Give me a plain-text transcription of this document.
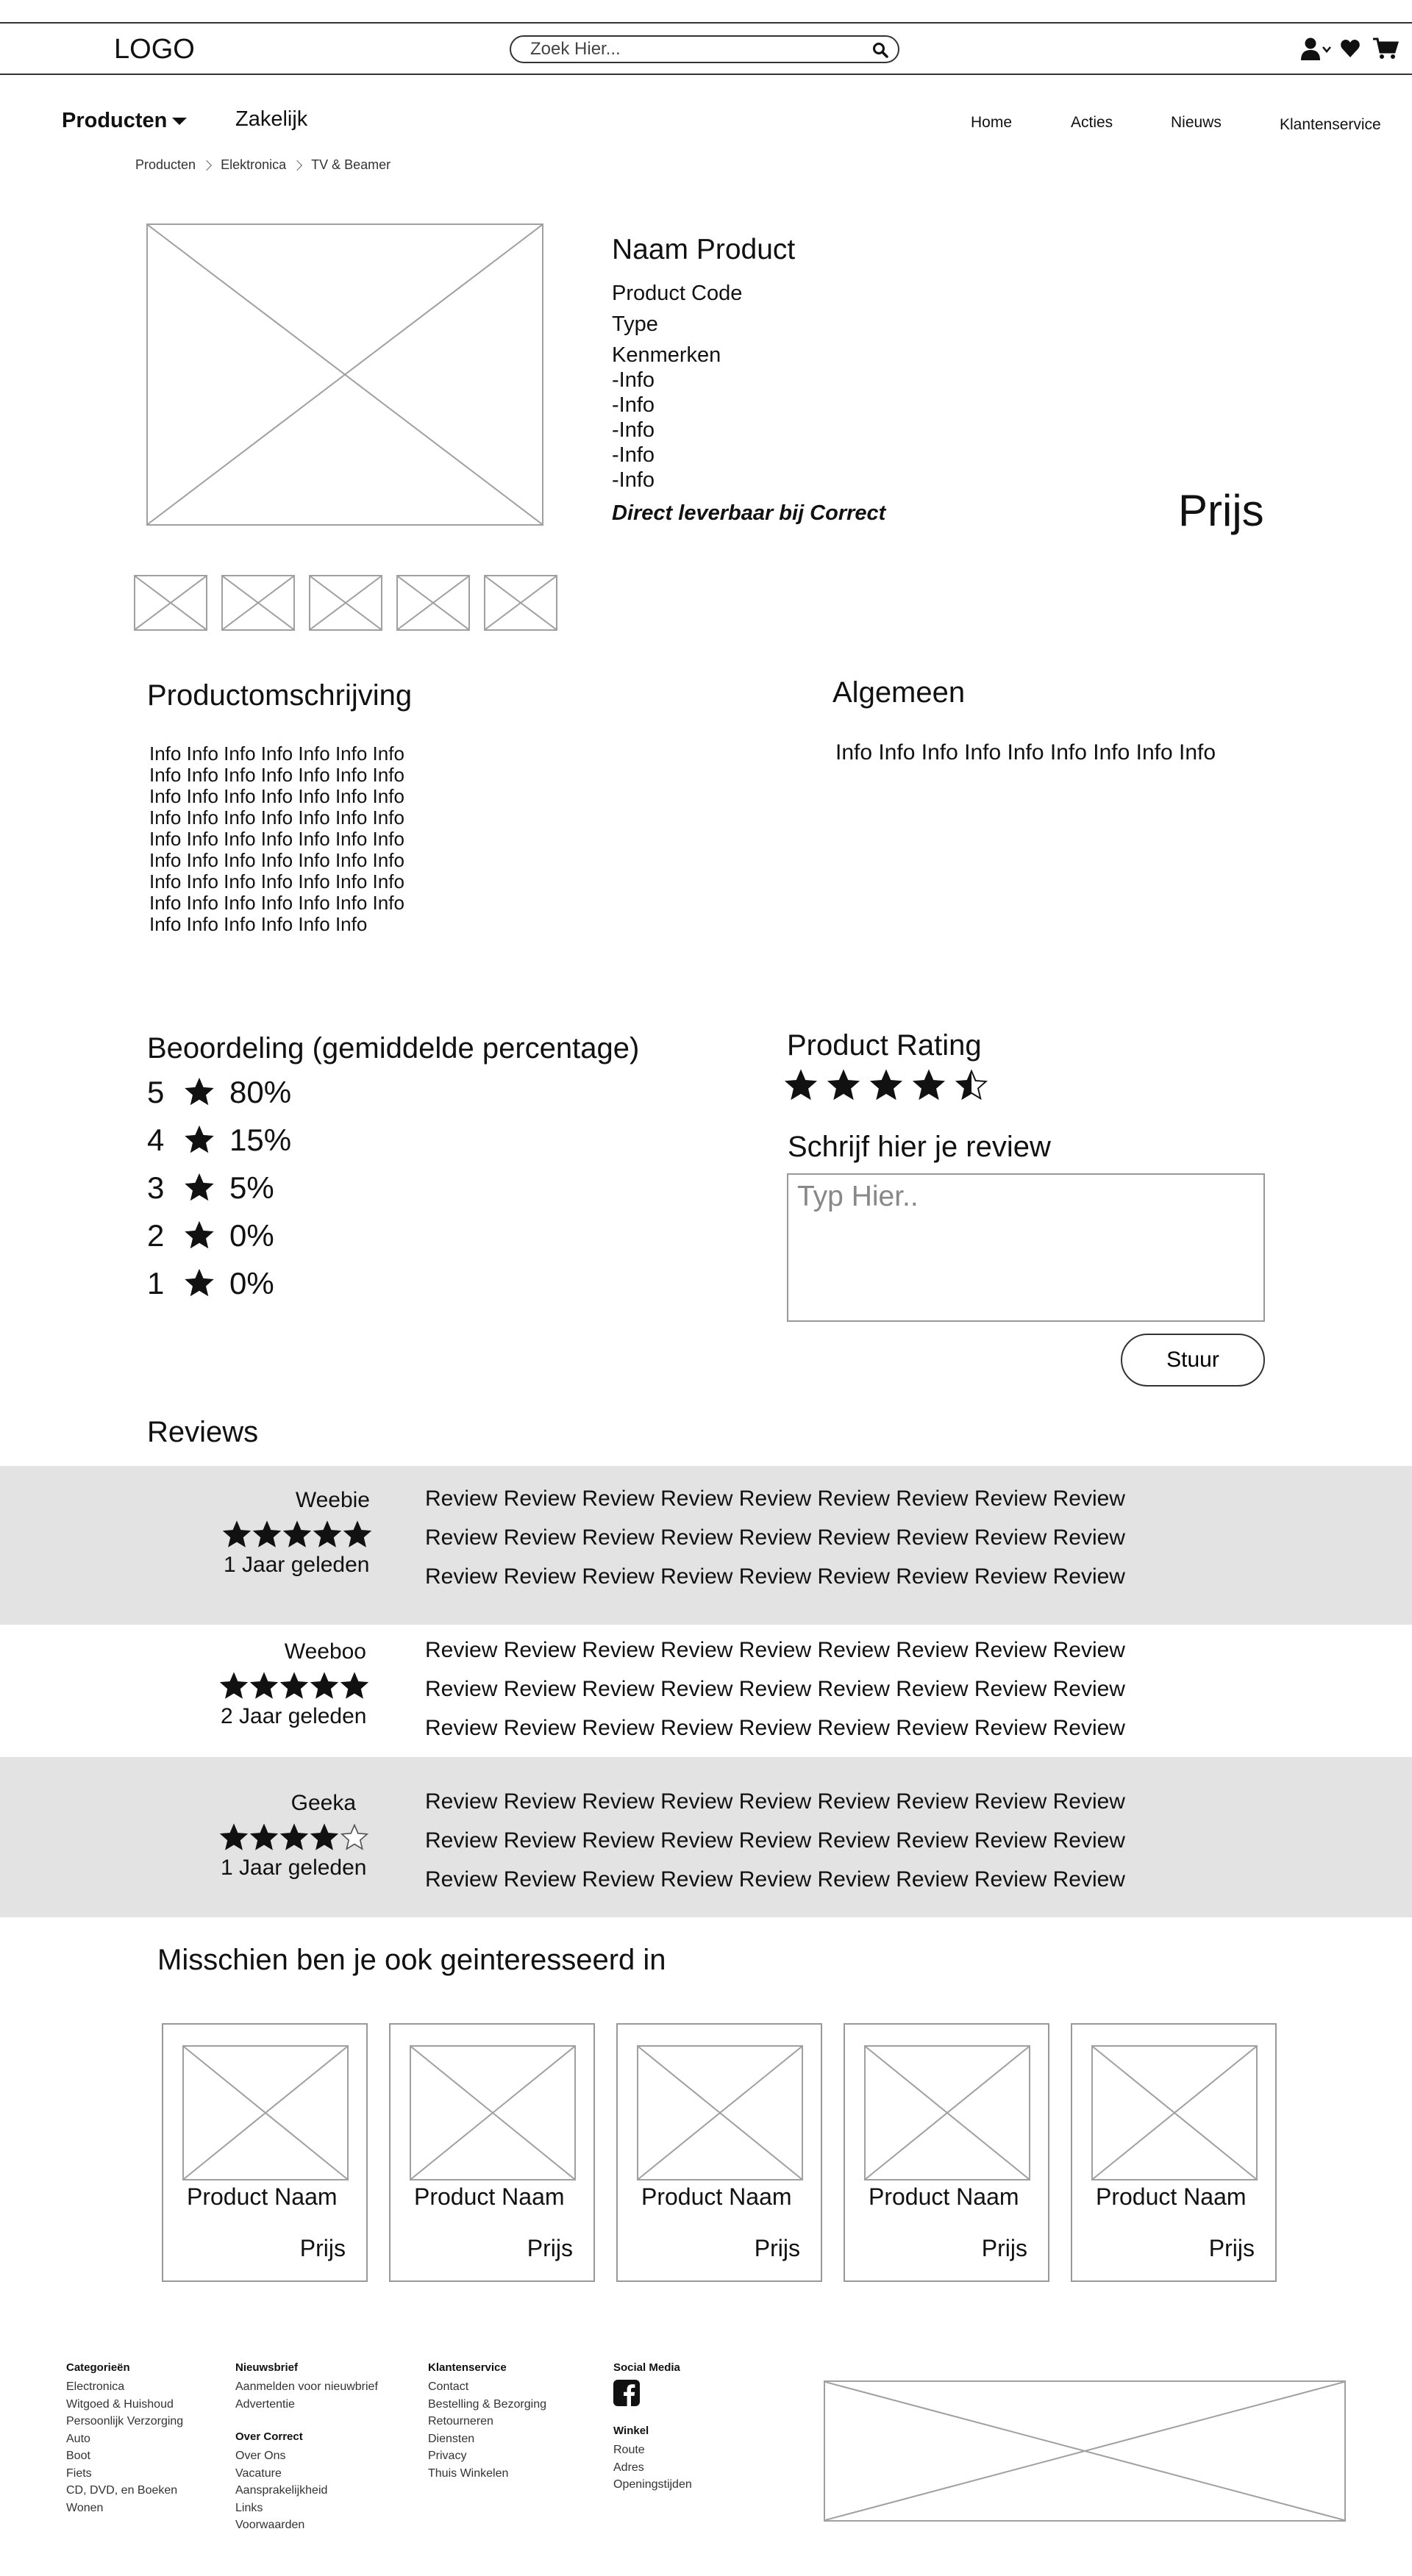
LOGO
Zoek Hier...
Producten	Zakelijk	Home	Acties	Nieuws	Klantenservice
Producten Elektronica TV & Beamer
Naam Product
Product Code
Type
Kenmerken
-Info
-Info
-Info
-Info
-Info
Direct leverbaar bij Correct	Prijs
Productomschrijving
Info Info Info Info Info Info Info
Info Info Info Info Info Info Info
Info Info Info Info Info Info Info
Info Info Info Info Info Info Info
Info Info Info Info Info Info Info
Info Info Info Info Info Info Info
Info Info Info Info Info Info Info
Info Info Info Info Info Info Info
Info Info Info Info Info Info
Algemeen
Info Info Info Info Info Info Info Info Info
Beoordeling (gemiddelde percentage)
5	80%
4	15%
3	5%
2	0%
1	0%
Product Rating
Schrijf hier je review
Typ Hier..
Stuur
Reviews
Weebie
1 Jaar geleden
Review Review Review Review Review Review Review Review Review
Review Review Review Review Review Review Review Review Review
Review Review Review Review Review Review Review Review Review
Weeboo
2 Jaar geleden
Review Review Review Review Review Review Review Review Review
Review Review Review Review Review Review Review Review Review
Review Review Review Review Review Review Review Review Review
Geeka
1 Jaar geleden
Review Review Review Review Review Review Review Review Review
Review Review Review Review Review Review Review Review Review
Review Review Review Review Review Review Review Review Review
Misschien ben je ook geinteresseerd in
Product Naam
Prijs
Product Naam
Prijs
Product Naam
Prijs
Product Naam
Prijs
Product Naam
Prijs
Categorieën
Electronica
Witgoed & Huishoud
Persoonlijk Verzorging
Auto
Boot
Fiets
CD, DVD, en Boeken
Wonen
Nieuwsbrief
Aanmelden voor nieuwbrief
Advertentie
Over Correct
Over Ons
Vacature
Aansprakelijkheid
Links
Voorwaarden
Klantenservice
Contact
Bestelling & Bezorging
Retourneren
Diensten
Privacy
Thuis Winkelen
Social Media
Winkel
Route
Adres
Openingstijden
